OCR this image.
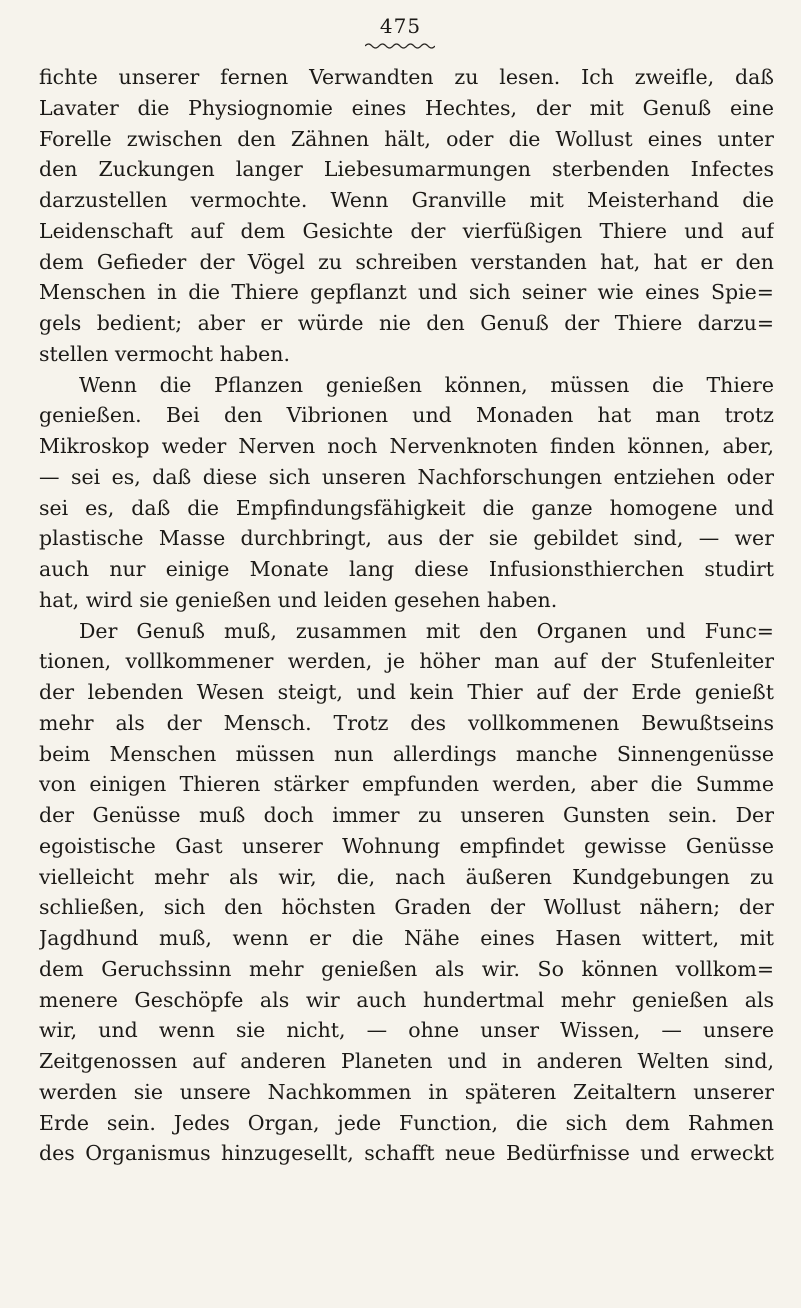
475
fichte unserer fernen Verwandten zu lesen. Ich zweifle, daß
Lavater die Physiognomie eines Hechtes, der mit Genuß eine
Forelle zwischen den Zähnen hält, oder die Wollust eines unter
den Zuckungen langer Liebesumarmungen sterbenden Infectes
darzustellen vermochte. Wenn Granville mit Meisterhand die
Leidenschaft auf dem Gesichte der vierfüßigen Thiere und auf
dem Gefieder der Vögel zu schreiben verstanden hat, hat er den
Menschen in die Thiere gepflanzt und sich seiner wie eines Spie=
gels bedient; aber er würde nie den Genuß der Thiere darzu=
stellen vermocht haben.
Wenn die Pflanzen genießen können, müssen die Thiere
genießen. Bei den Vibrionen und Monaden hat man trotz
Mikroskop weder Nerven noch Nervenknoten finden können, aber,
— sei es, daß diese sich unseren Nachforschungen entziehen oder
sei es, daß die Empfindungsfähigkeit die ganze homogene und
plastische Masse durchbringt, aus der sie gebildet sind, — wer
auch nur einige Monate lang diese Infusionsthierchen studirt
hat, wird sie genießen und leiden gesehen haben.
Der Genuß muß, zusammen mit den Organen und Func=
tionen, vollkommener werden, je höher man auf der Stufenleiter
der lebenden Wesen steigt, und kein Thier auf der Erde genießt
mehr als der Mensch. Trotz des vollkommenen Bewußtseins
beim Menschen müssen nun allerdings manche Sinnengenüsse
von einigen Thieren stärker empfunden werden, aber die Summe
der Genüsse muß doch immer zu unseren Gunsten sein. Der
egoistische Gast unserer Wohnung empfindet gewisse Genüsse
vielleicht mehr als wir, die, nach äußeren Kundgebungen zu
schließen, sich den höchsten Graden der Wollust nähern; der
Jagdhund muß, wenn er die Nähe eines Hasen wittert, mit
dem Geruchssinn mehr genießen als wir. So können vollkom=
menere Geschöpfe als wir auch hundertmal mehr genießen als
wir, und wenn sie nicht, — ohne unser Wissen, — unsere
Zeitgenossen auf anderen Planeten und in anderen Welten sind,
werden sie unsere Nachkommen in späteren Zeitaltern unserer
Erde sein. Jedes Organ, jede Function, die sich dem Rahmen
des Organismus hinzugesellt, schafft neue Bedürfnisse und erweckt
